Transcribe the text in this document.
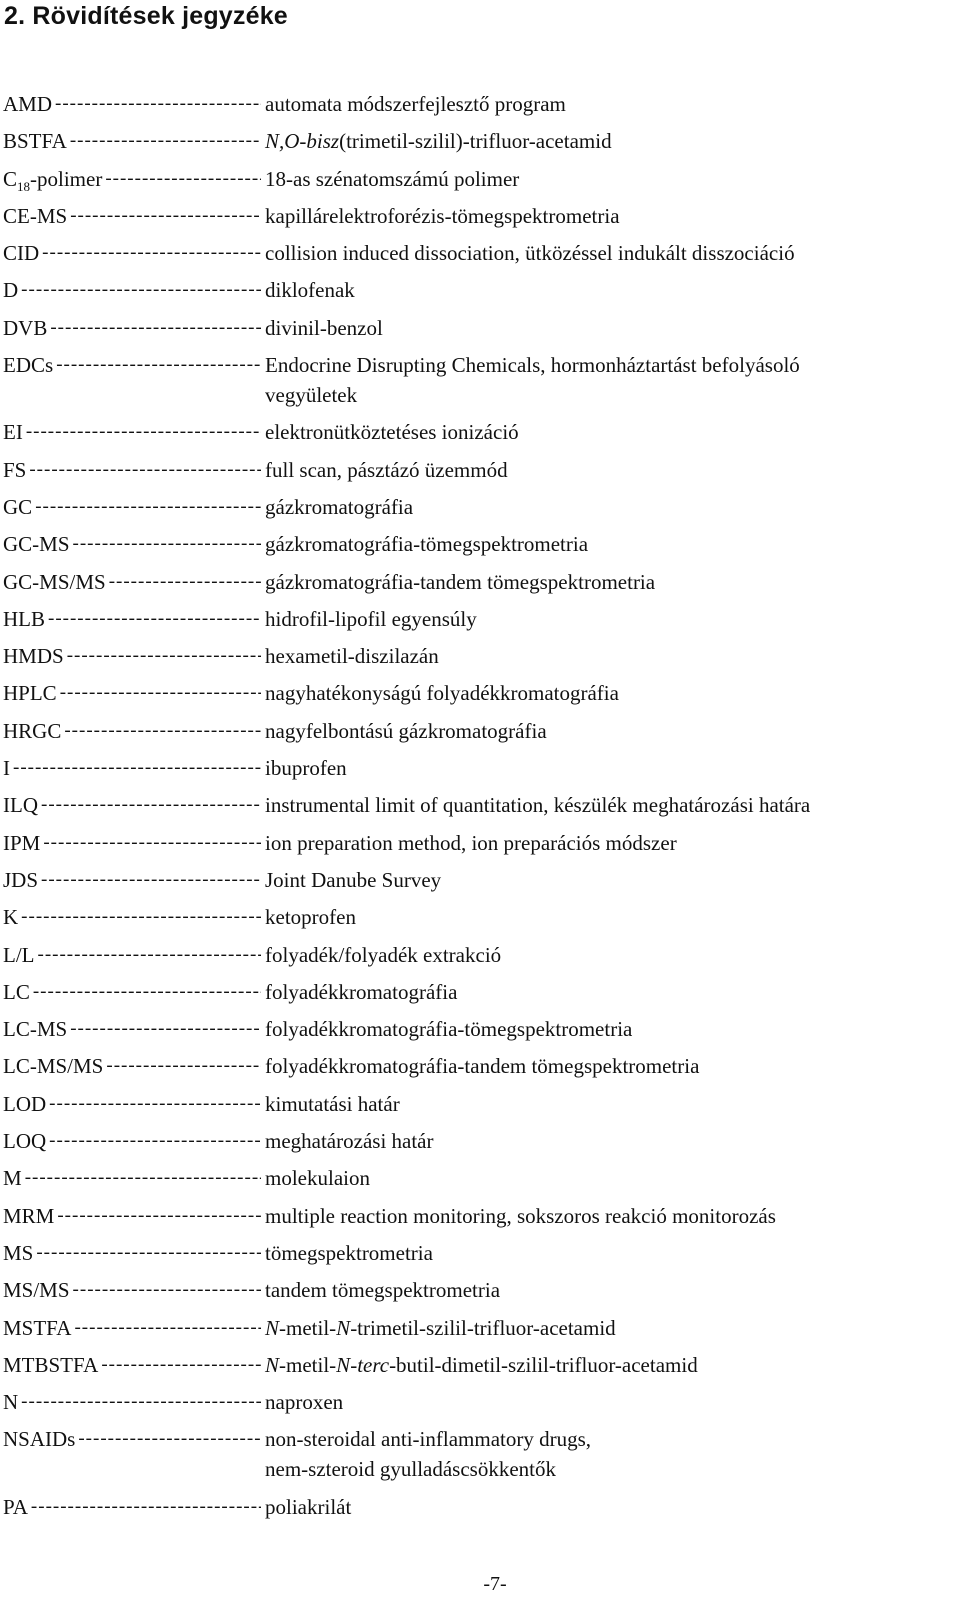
2. Rövidítések jegyzéke
AMD -----	automata módszerfejlesztő program
BSTFA -----	N,O-bisz(trimetil-szilil)-trifluor-acetamid
$C_{18}$-polimer -----	18-as szénatomszámú polimer
CE-MS -----	kapillárelektroforézis-tömegspektrometria
CID -----	collision induced dissociation, ütközéssel indukált disszociáció
D -----	diklofenak
DVB -----	divinil-benzol
EDCs -----	Endocrine Disrupting Chemicals, hormonháztartást befolyásoló
vegyületek
EI -----	elektronütköztetéses ionizáció
FS -----	full scan, pásztázó üzemmód
GC -----	gázkromatográfia
GC-MS -----	gázkromatográfia-tömegspektrometria
GC-MS/MS -----	gázkromatográfia-tandem tömegspektrometria
HLB -----	hidrofil-lipofil egyensúly
HMDS -----	hexametil-diszilazán
HPLC -----	nagyhatékonyságú folyadékkromatográfia
HRGC -----	nagyfelbontású gázkromatográfia
I -----	ibuprofen
ILQ -----	instrumental limit of quantitation, készülék meghatározási határa
IPM -----	ion preparation method, ion preparációs módszer
JDS -----	Joint Danube Survey
K -----	ketoprofen
L/L -----	folyadék/folyadék extrakció
LC -----	folyadékkromatográfia
LC-MS -----	folyadékkromatográfia-tömegspektrometria
LC-MS/MS -----	folyadékkromatográfia-tandem tömegspektrometria
LOD -----	kimutatási határ
LOQ -----	meghatározási határ
M -----	molekulaion
MRM -----	multiple reaction monitoring, sokszoros reakció monitorozás
MS -----	tömegspektrometria
MS/MS -----	tandem tömegspektrometria
MSTFA -----	N-metil-N-trimetil-szilil-trifluor-acetamid
MTBSTFA -----	N-metil-N-terc-butil-dimetil-szilil-trifluor-acetamid
N -----	naproxen
NSAIDs -----	non-steroidal anti-inflammatory drugs,
nem-szteroid gyulladáscsökkentők
PA -----	poliakrilát
-7-
